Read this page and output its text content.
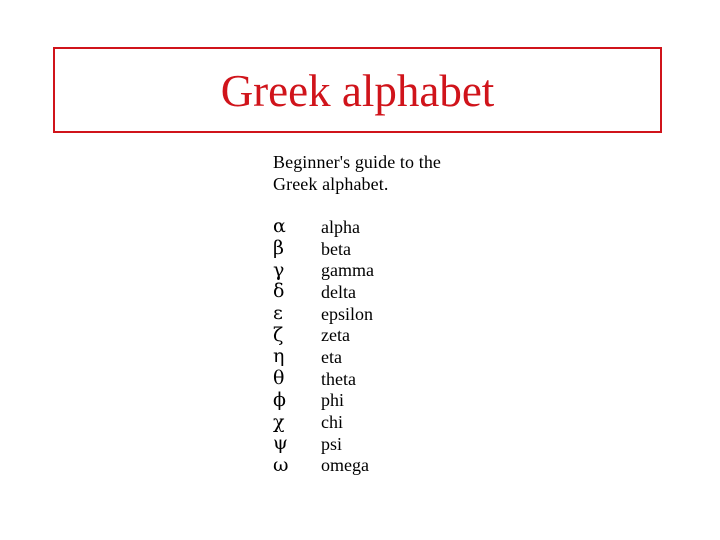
Greek alphabet

Beginner's guide to the
Greek alphabet.

α	alpha
β	beta
γ	gamma
δ	delta
ε	epsilon
ζ	zeta
η	eta
θ	theta
ϕ	phi
χ	chi
ψ	psi
ω	omega
